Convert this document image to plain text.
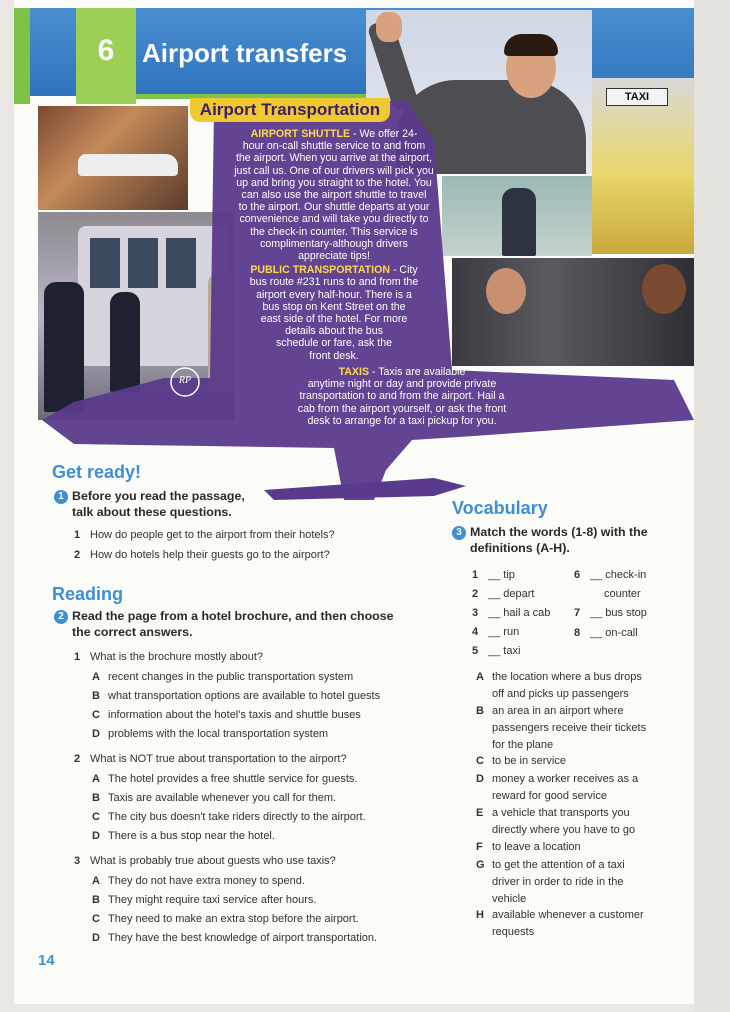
6	Airport transfers
TAXI
RP
Airport Transportation
AIRPORT SHUTTLE - We offer 24-
hour on-call shuttle service to and from
the airport. When you arrive at the airport,
just call us. One of our drivers will pick you
up and bring you straight to the hotel. You
can also use the airport shuttle to travel
to the airport. Our shuttle departs at your
convenience and will take you directly to
the check-in counter. This service is
complimentary-although drivers
appreciate tips!
PUBLIC TRANSPORTATION - City
bus route #231 runs to and from the
airport every half-hour. There is a
bus stop on Kent Street on the
east side of the hotel. For more
details about the bus
schedule or fare, ask the
front desk.
TAXIS - Taxis are available
anytime night or day and provide private
transportation to and from the airport. Hail a
cab from the airport yourself, or ask the front
desk to arrange for a taxi pickup for you.
Get ready!
1 Before you read the passage,
talk about these questions.
Reading
2 Read the page from a hotel brochure, and then choose
the correct answers.
Vocabulary
3 Match the words (1-8) with the
definitions (A-H).
14
1 How do people get to the airport from their hotels?
2 How do hotels help their guests go to the airport?
1 What is the brochure mostly about?
A recent changes in the public transportation system
B what transportation options are available to hotel guests
C information about the hotel's taxis and shuttle buses
D problems with the local transportation system
2 What is NOT true about transportation to the airport?
A The hotel provides a free shuttle service for guests.
B Taxis are available whenever you call for them.
C The city bus doesn't take riders directly to the airport.
D There is a bus stop near the hotel.
3 What is probably true about guests who use taxis?
A They do not have extra money to spend.
B They might require taxi service after hours.
C They need to make an extra stop before the airport.
D They have the best knowledge of airport transportation.
1 __ tip
2 __ depart
3 __ hail a cab
4 __ run
5 __ taxi
6 __ check-in
counter
7 __ bus stop
8 __ on-call
A the location where a bus drops
off and picks up passengers
B an area in an airport where
passengers receive their tickets
for the plane
C to be in service
D money a worker receives as a
reward for good service
E a vehicle that transports you
directly where you have to go
F to leave a location
G to get the attention of a taxi
driver in order to ride in the
vehicle
H available whenever a customer
requests
